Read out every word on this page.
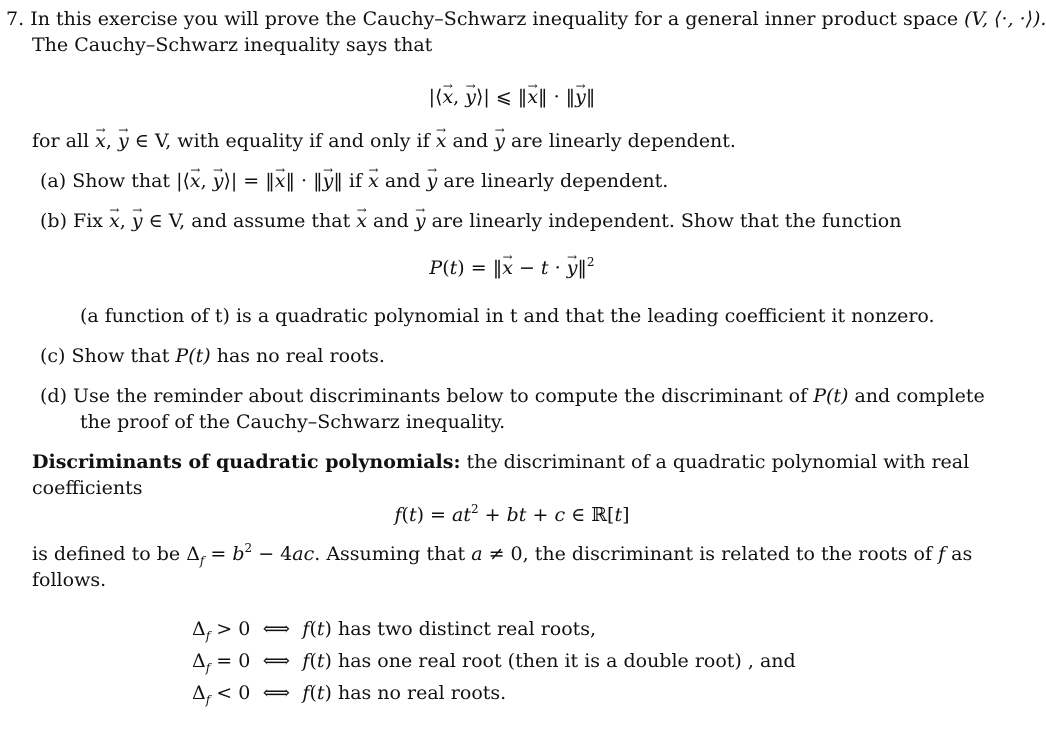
7. In this exercise you will prove the Cauchy–Schwarz inequality for a general inner product space (V, ⟨·, ·⟩).
The Cauchy–Schwarz inequality says that
|⟨→ x, → y⟩| ⩽ ‖→ x‖ · ‖→ y‖
for all → x, → y ∈ V, with equality if and only if → x and → y are linearly dependent.
(a) Show that |⟨→ x, → y⟩| = ‖→ x‖ · ‖→ y‖ if → x and → y are linearly dependent.
(b) Fix → x, → y ∈ V, and assume that → x and → y are linearly independent. Show that the function
P(t) = ‖→ x − t · → y‖$^2$
(a function of t) is a quadratic polynomial in t and that the leading coefficient it nonzero.
(c) Show that P(t) has no real roots.
(d) Use the reminder about discriminants below to compute the discriminant of P(t) and complete
the proof of the Cauchy–Schwarz inequality.
Discriminants of quadratic polynomials: the discriminant of a quadratic polynomial with real
coefficients
$f(t) = at^2$ + bt + c ∈ ℝ[t]
is defined to be $\Delta_f = b^2 - 4ac$. Assuming that a ≠ 0, the discriminant is related to the roots of f as
follows.
$\Delta_f > 0$ ⟺ f(t) has two distinct real roots,
$\Delta_f = 0$ ⟺ f(t) has one real root (then it is a double root) , and
$\Delta_f < 0$ ⟺ f(t) has no real roots.
